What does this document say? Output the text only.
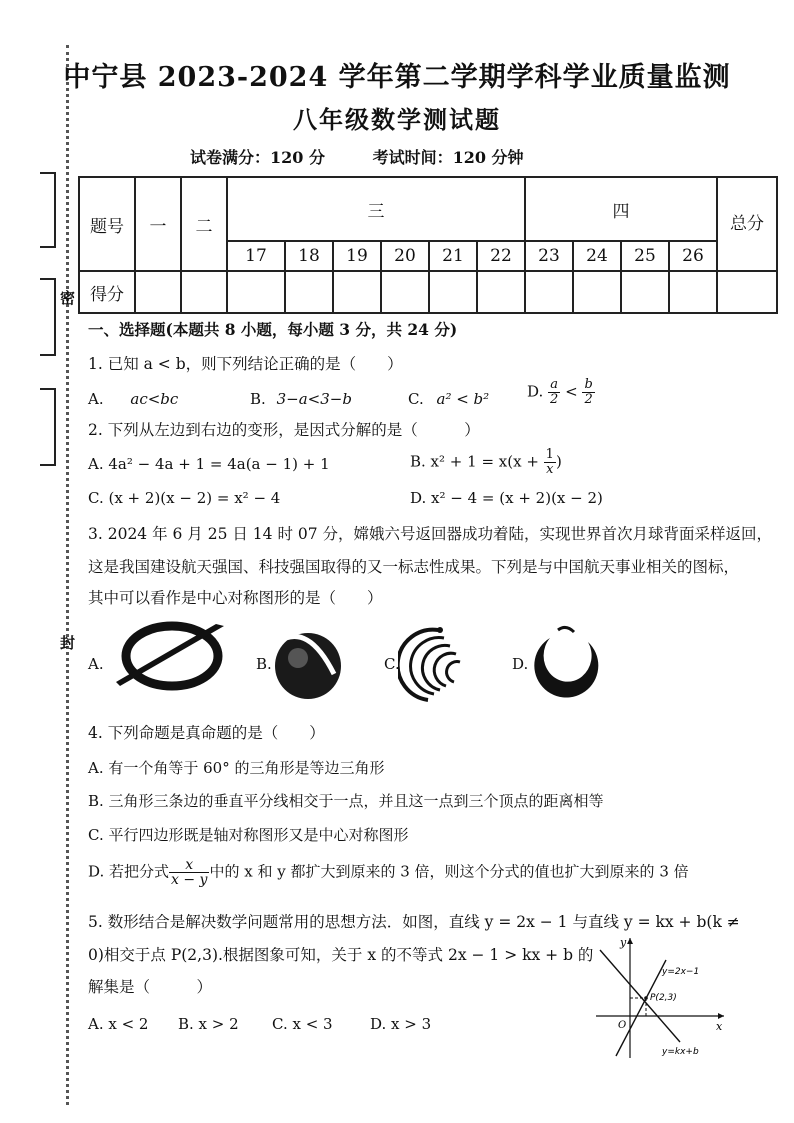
密
封
中宁县 2023-2024 学年第二学期学科学业质量监测
八年级数学测试题
试卷满分：120 分	考试时间：120 分钟
题号	一	二	三						四				总分
			17	18	19	20	21	22	23	24	25	26	
得分													
一、选择题(本题共 8 小题，每小题 3 分，共 24 分)
1. 已知 a < b，则下列结论正确的是（　　）
A. ac<bc	B. 3−a<3−b	C. a² < b²	D. $\frac{a}{2} < \frac{b}{2}$
2. 下列从左边到右边的变形，是因式分解的是（　　　）
A. 4a² − 4a + 1 = 4a(a − 1) + 1	B. $x^2 + 1 = x(x + \frac{1}{x}$ )
C. (x + 2)(x − 2) = x² − 4	D. x² − 4 = (x + 2)(x − 2)
3. 2024 年 6 月 25 日 14 时 07 分，嫦娥六号返回器成功着陆，实现世界首次月球背面采样返回，
这是我国建设航天强国、科技强国取得的又一标志性成果。下列是与中国航天事业相关的图标，
其中可以看作是中心对称图形的是（　　）
A.	B.	C.	D.
4. 下列命题是真命题的是（　　）
A. 有一个角等于 60° 的三角形是等边三角形
B. 三角形三条边的垂直平分线相交于一点，并且这一点到三个顶点的距离相等
C. 平行四边形既是轴对称图形又是中心对称图形
D. 若把分式 $\frac{x}{x - y}$ 中的 x 和 y 都扩大到原来的 3 倍，则这个分式的值也扩大到原来的 3 倍
5. 数形结合是解决数学问题常用的思想方法．如图，直线 y = 2x − 1 与直线 y = kx + b(k ≠
0)相交于点 P(2,3).根据图象可知，关于 x 的不等式 2x − 1 > kx + b 的
解集是（　　　）
A. x < 2 B. x > 2 C. x < 3 D. x > 3
y
x
O
y=2x−1
P(2,3)
y=kx+b
